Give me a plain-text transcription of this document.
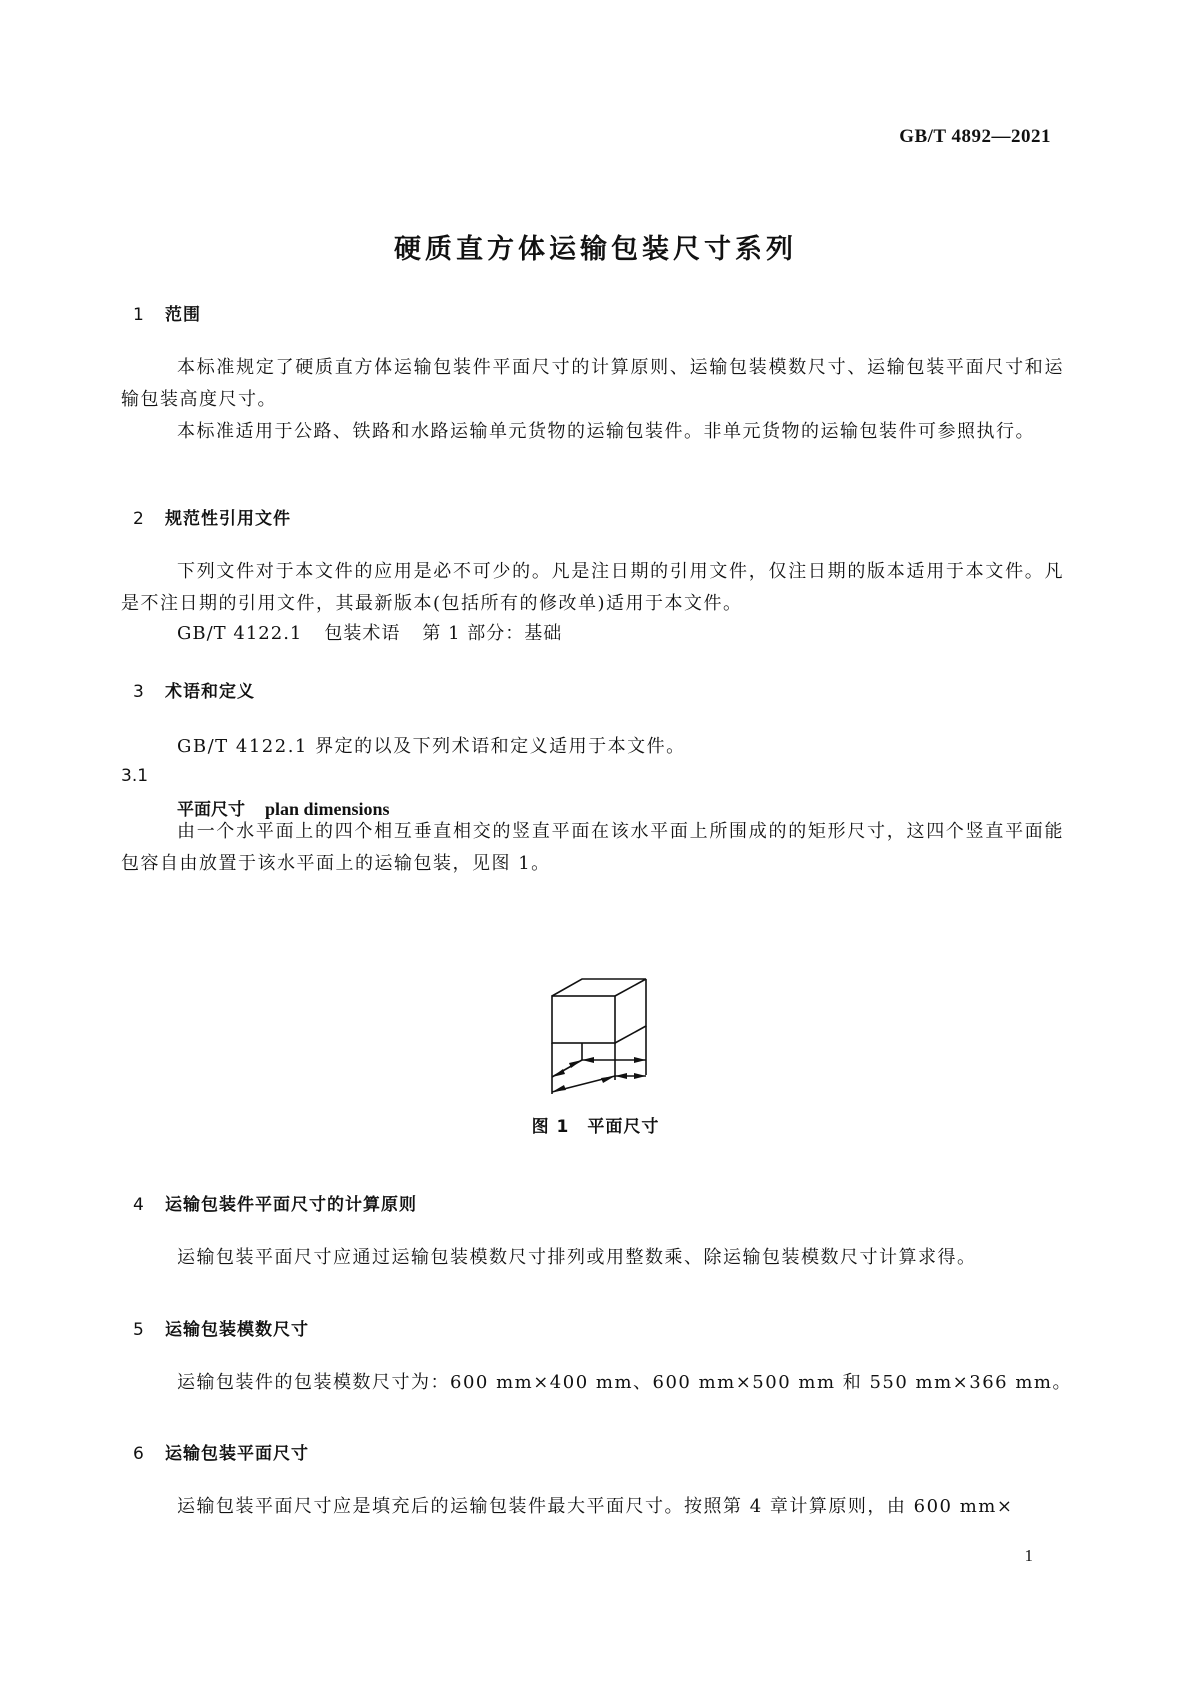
GB/T 4892—2021
硬质直方体运输包装尺寸系列
1 范围
本标准规定了硬质直方体运输包装件平面尺寸的计算原则、运输包装模数尺寸、运输包装平面尺寸和运输包装高度尺寸。
本标准适用于公路、铁路和水路运输单元货物的运输包装件。非单元货物的运输包装件可参照执行。
2 规范性引用文件
下列文件对于本文件的应用是必不可少的。凡是注日期的引用文件，仅注日期的版本适用于本文件。凡是不注日期的引用文件，其最新版本(包括所有的修改单)适用于本文件。
GB/T 4122.1 包装术语 第 1 部分：基础
3 术语和定义
GB/T 4122.1 界定的以及下列术语和定义适用于本文件。
3.1
平面尺寸 plan dimensions
由一个水平面上的四个相互垂直相交的竖直平面在该水平面上所围成的的矩形尺寸，这四个竖直平面能包容自由放置于该水平面上的运输包装，见图 1。
图 1 平面尺寸
4 运输包装件平面尺寸的计算原则
运输包装平面尺寸应通过运输包装模数尺寸排列或用整数乘、除运输包装模数尺寸计算求得。
5 运输包装模数尺寸
运输包装件的包装模数尺寸为：600 mm×400 mm、600 mm×500 mm 和 550 mm×366 mm。
6 运输包装平面尺寸
运输包装平面尺寸应是填充后的运输包装件最大平面尺寸。按照第 4 章计算原则，由 600 mm×
1
